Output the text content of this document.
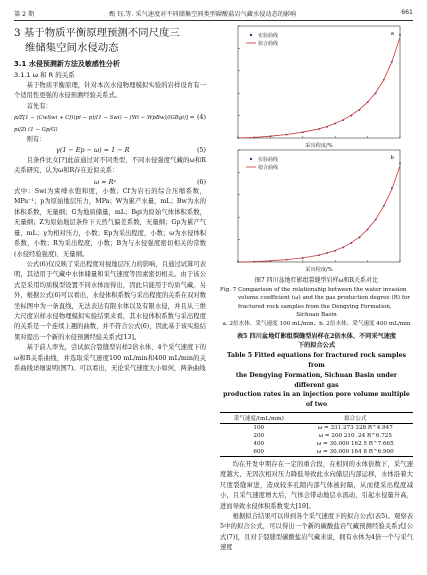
第 2 期	甄 钰,等. 采气速度对不同储集空间类型碳酸盐岩气藏水侵动态的影响	661
3 基于物质平衡原理预测不同尺度三
维储集空间水侵动态
3.1 水侵预测新方法及敏感性分析
3.1.1 ω 和 R 的关系

基于物质平衡原理，针对本次水侵物理模拟实验的岩样设育有一个适用性更强的水侵预测经验关系式。

首先有：

p/Z[1 − (CwSwi + Cf)(pi − p)/(1 − Swi) − (Wi − WpBw)/(GBgi)] = pi/Zi (1 − Gp/G)
(4)

则有：

γ(1 − Ep − ω) = 1 − R	(5)

且条件比女[?]此前通过对不同类型、不同水侵强度气藏的ω和R关系研究，认为ω和R存在近似关系：

ω = Rᵃ	(6)

式中：Swi为束缚水饱和度，小数；Cf为岩石的综合压缩系数，MPa⁻¹；p为原始地层压力，MPa；W为累产水量，mL；Bw为水的体积系数，无量纲；G为地质储量，mL；Bgi为原始气体体积系数，无量纲；Z为原始地层条件下天然气偏差系数，无量纲；Gp为累产气量，mL；γ为相对压力，小数；Ep为采出程度，小数；ω为水侵体积系数，小数；R为采出程度，小数；B为与水侵强度密切相关的常数(水侵经验强度)，无量纲。

公式(6)仅反映了采出程度对视地层压力的影响，且通过试算可表明，其适用于气藏中水体储量和采气速度等因素密切相关。由于该公式是采用均质模型设置不同水体而得出，因此只能用于均质气藏。另外，根据公式(6)可以看出，水侵体积系数与采出程度的关系在双对数坐标图中为一条直线，无法表达有限水体以及有限水侵，并且从三维大尺度岩样水侵物理模拟实验结果来看，其水侵体积系数与采出程度的关系是一个连续上翘的曲数，并不符合公式(6)，因此基于该实验结果对提出一个新的水侵预测经验关系式[13]。

基于前人率先，尝试拟合裂缝型岩样2倍水体、4个采气速度下的ω和R关系曲线，并选取采气速度100 mL/min和400 mL/min的关系曲线详细说明(图7)。可以看出，无论采气速度大小如何，两条曲线

采出程度/%
实验曲线
拟合曲线
a
采出程度/%
实验曲线
拟合曲线
b

图7 四川盆地灯影组裂缝型岩样ω和R关系对比

Fig. 7 Comparison of the relationship between the water invasion

volume coefficient (ω) and the gas production degree (R) for

fractured rock samples from the Dengying Formation,

Sichuan Basin

a. 2倍水体、采气速度 100 mL/min；b. 2倍水体、采气速度 400 mL/min

表5 四川盆地灯影组裂缝型岩样在2倍水体、不同采气速度

下的拟合公式

Table 5 Fitted equations for fractured rock samples from

the Dengying Formation, Sichuan Basin under different gas

production rates in an injection pore volume multiple of two

采气速度/(mL/min)	拟合公式
100	ω = 331.273 328 R^4.947
200	ω = 200 210 .24 R^6.725
400	ω = 30.000 162 5 R^7.665
600	ω = 30.000 164 8 R^6.900

均在开发中期存在一定的重合段，在相同的水体倍数下，采气速度越大，无因次相对压力降低导致此水向储层内部运移，水体沿着大尺度裂缝窜进，造成较多孔隙内部气体被封隔，从而使采出程度减小，且采气速度增大后，气体会带动地层水流动，引起水侵量升高，进而导致水侵体积系数变大[19]。

根据拟合结果可以得到各个采气速度下的拟合公式(表5)。观察表5中的拟合公式，可以得出一个新的碳酸盐岩气藏预测经验关系式[公式(7)]，且对于裂缝型碳酸盐岩气藏来说，拥有水体为4倍一个与采气速度
